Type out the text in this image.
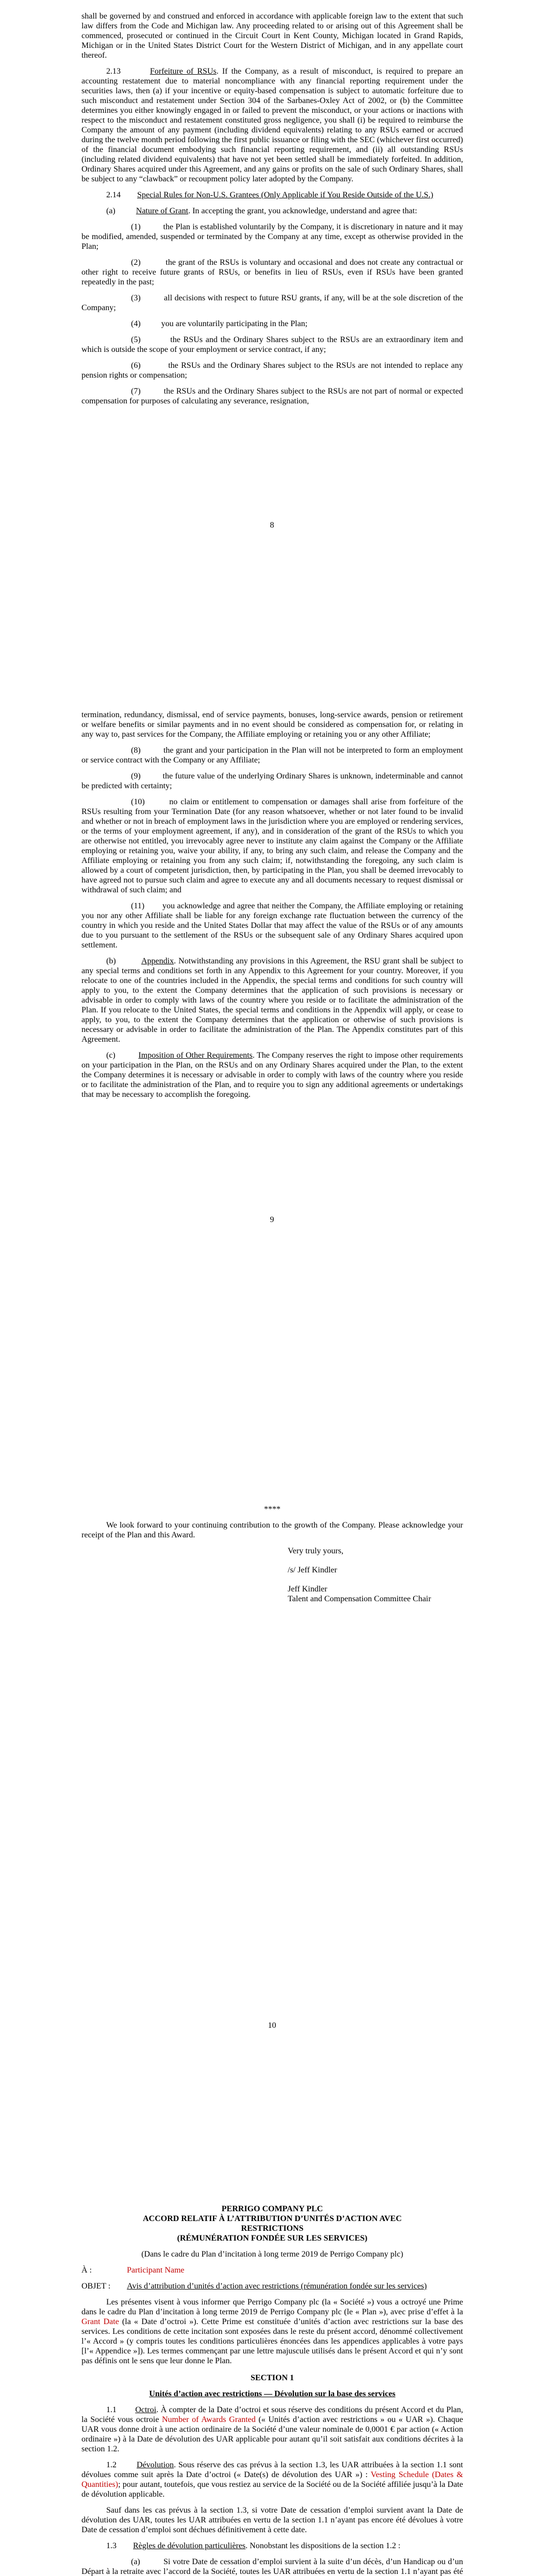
shall be governed by and construed and enforced in accordance with applicable foreign law to the extent that such law differs from the Code and Michigan law. Any proceeding related to or arising out of this Agreement shall be commenced, prosecuted or continued in the Circuit Court in Kent County, Michigan located in Grand Rapids, Michigan or in the United States District Court for the Western District of Michigan, and in any appellate court thereof.

2.13	Forfeiture of RSUs. If the Company, as a result of misconduct, is required to prepare an accounting restatement due to material noncompliance with any financial reporting requirement under the securities laws, then (a) if your incentive or equity-based compensation is subject to automatic forfeiture due to such misconduct and restatement under Section 304 of the Sarbanes-Oxley Act of 2002, or (b) the Committee determines you either knowingly engaged in or failed to prevent the misconduct, or your actions or inactions with respect to the misconduct and restatement constituted gross negligence, you shall (i) be required to reimburse the Company the amount of any payment (including dividend equivalents) relating to any RSUs earned or accrued during the twelve month period following the first public issuance or filing with the SEC (whichever first occurred) of the financial document embodying such financial reporting requirement, and (ii) all outstanding RSUs (including related dividend equivalents) that have not yet been settled shall be immediately forfeited. In addition, Ordinary Shares acquired under this Agreement, and any gains or profits on the sale of such Ordinary Shares, shall be subject to any “clawback” or recoupment policy later adopted by the Company.

2.14 Special Rules for Non-U.S. Grantees (Only Applicable if You Reside Outside of the U.S.)

(a)	Nature of Grant. In accepting the grant, you acknowledge, understand and agree that:

(1)          the Plan is established voluntarily by the Company, it is discretionary in nature and it may be modified, amended, suspended or terminated by the Company at any time, except as otherwise provided in the Plan;

(2)          the grant of the RSUs is voluntary and occasional and does not create any contractual or other right to receive future grants of RSUs, or benefits in lieu of RSUs, even if RSUs have been granted repeatedly in the past;

(3)          all decisions with respect to future RSU grants, if any, will be at the sole discretion of the Company;

(4)          you are voluntarily participating in the Plan;

(5)          the RSUs and the Ordinary Shares subject to the RSUs are an extraordinary item and which is outside the scope of your employment or service contract, if any;

(6)          the RSUs and the Ordinary Shares subject to the RSUs are not intended to replace any pension rights or compensation;

(7)          the RSUs and the Ordinary Shares subject to the RSUs are not part of normal or expected compensation for purposes of calculating any severance, resignation,

8

termination, redundancy, dismissal, end of service payments, bonuses, long-service awards, pension or retirement or welfare benefits or similar payments and in no event should be considered as compensation for, or relating in any way to, past services for the Company, the Affiliate employing or retaining you or any other Affiliate;

(8)          the grant and your participation in the Plan will not be interpreted to form an employment or service contract with the Company or any Affiliate;

(9)          the future value of the underlying Ordinary Shares is unknown, indeterminable and cannot be predicted with certainty;

(10)        no claim or entitlement to compensation or damages shall arise from forfeiture of the RSUs resulting from your Termination Date (for any reason whatsoever, whether or not later found to be invalid and whether or not in breach of employment laws in the jurisdiction where you are employed or rendering services, or the terms of your employment agreement, if any), and in consideration of the grant of the RSUs to which you are otherwise not entitled, you irrevocably agree never to institute any claim against the Company or the Affiliate employing or retaining you, waive your ability, if any, to bring any such claim, and release the Company and the Affiliate employing or retaining you from any such claim; if, notwithstanding the foregoing, any such claim is allowed by a court of competent jurisdiction, then, by participating in the Plan, you shall be deemed irrevocably to have agreed not to pursue such claim and agree to execute any and all documents necessary to request dismissal or withdrawal of such claim; and

(11)        you acknowledge and agree that neither the Company, the Affiliate employing or retaining you nor any other Affiliate shall be liable for any foreign exchange rate fluctuation between the currency of the country in which you reside and the United States Dollar that may affect the value of the RSUs or of any amounts due to you pursuant to the settlement of the RSUs or the subsequent sale of any Ordinary Shares acquired upon settlement.

(b)	Appendix. Notwithstanding any provisions in this Agreement, the RSU grant shall be subject to any special terms and conditions set forth in any Appendix to this Agreement for your country. Moreover, if you relocate to one of the countries included in the Appendix, the special terms and conditions for such country will apply to you, to the extent the Company determines that the application of such provisions is necessary or advisable in order to comply with laws of the country where you reside or to facilitate the administration of the Plan. If you relocate to the United States, the special terms and conditions in the Appendix will apply, or cease to apply, to you, to the extent the Company determines that the application or otherwise of such provisions is necessary or advisable in order to facilitate the administration of the Plan. The Appendix constitutes part of this Agreement.

(c)	Imposition of Other Requirements. The Company reserves the right to impose other requirements on your participation in the Plan, on the RSUs and on any Ordinary Shares acquired under the Plan, to the extent the Company determines it is necessary or advisable in order to comply with laws of the country where you reside or to facilitate the administration of the Plan, and to require you to sign any additional agreements or undertakings that may be necessary to accomplish the foregoing.

9

****

We look forward to your continuing contribution to the growth of the Company. Please acknowledge your receipt of the Plan and this Award.

Very truly yours,

/s/ Jeff Kindler

Jeff Kindler

Talent and Compensation Committee Chair

10
PERRIGO COMPANY PLC
ACCORD RELATIF À L’ATTRIBUTION D’UNITÉS D’ACTION AVEC
RESTRICTIONS
(RÉMUNÉRATION FONDÉE SUR LES SERVICES)

(Dans le cadre du Plan d’incitation à long terme 2019 de Perrigo Company plc)

À :	Participant Name
OBJET :	Avis d’attribution d’unités d’action avec restrictions (rémunération fondée sur les services)

Les présentes visent à vous informer que Perrigo Company plc (la « Société ») vous a octroyé une Prime dans le cadre du Plan d’incitation à long terme 2019 de Perrigo Company plc (le « Plan »), avec prise d’effet à la Grant Date (la « Date d’octroi »). Cette Prime est constituée d’unités d’action avec restrictions sur la base des services. Les conditions de cette incitation sont exposées dans le reste du présent accord, dénommé collectivement l’« Accord » (y compris toutes les conditions particulières énoncées dans les appendices applicables à votre pays [l’« Appendice »]). Les termes commençant par une lettre majuscule utilisés dans le présent Accord et qui n’y sont pas définis ont le sens que leur donne le Plan.

SECTION 1

Unités d’action avec restrictions — Dévolution sur la base des services

1.1 Octroi. À compter de la Date d’octroi et sous réserve des conditions du présent Accord et du Plan, la Société vous octroie Number of Awards Granted (« Unités d’action avec restrictions » ou « UAR »). Chaque UAR vous donne droit à une action ordinaire de la Société d’une valeur nominale de 0,0001 € par action (« Action ordinaire ») à la Date de dévolution des UAR applicable pour autant qu’il soit satisfait aux conditions décrites à la section 1.2.

1.2 Dévolution. Sous réserve des cas prévus à la section 1.3, les UAR attribuées à la section 1.1 sont dévolues comme suit après la Date d’octroi (« Date(s) de dévolution des UAR ») : Vesting Schedule (Dates & Quantities); pour autant, toutefois, que vous restiez au service de la Société ou de la Société affiliée jusqu’à la Date de dévolution applicable.

Sauf dans les cas prévus à la section 1.3, si votre Date de cessation d’emploi survient avant la Date de dévolution des UAR, toutes les UAR attribuées en vertu de la section 1.1 n’ayant pas encore été dévolues à votre Date de cessation d’emploi sont déchues définitivement à cette date.

1.3 Règles de dévolution particulières. Nonobstant les dispositions de la section 1.2 :

(a)          Si votre Date de cessation d’emploi survient à la suite d’un décès, d’un Handicap ou d’un Départ à la retraite avec l’accord de la Société, toutes les UAR attribuées en vertu de la section 1.1 n’ayant pas été
